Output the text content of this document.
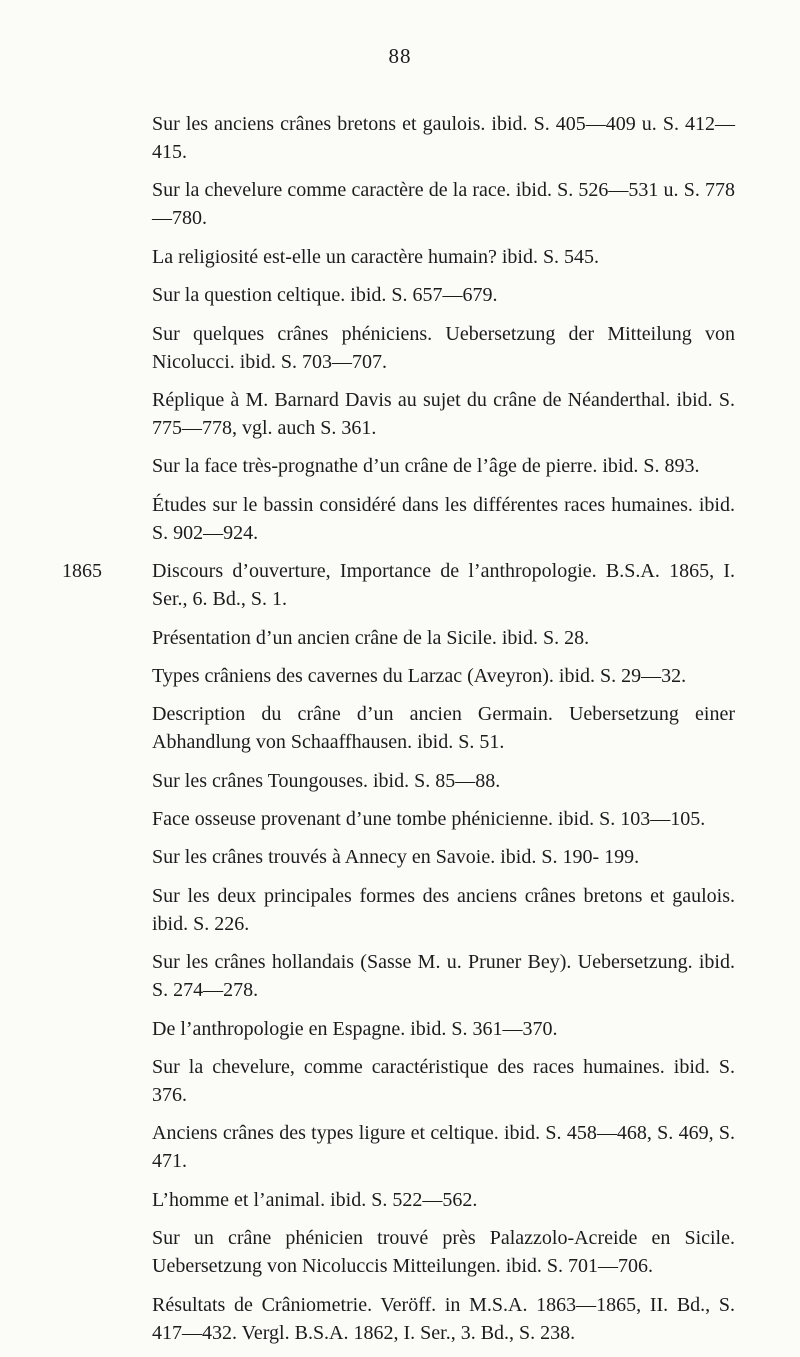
88
Sur les anciens crânes bretons et gaulois. ibid. S. 405—409 u. S. 412—415.
Sur la chevelure comme caractère de la race. ibid. S. 526—531 u. S. 778—780.
La religiosité est-elle un caractère humain? ibid. S. 545.
Sur la question celtique. ibid. S. 657—679.
Sur quelques crânes phéniciens. Uebersetzung der Mitteilung von Nicolucci. ibid. S. 703—707.
Réplique à M. Barnard Davis au sujet du crâne de Néanderthal. ibid. S. 775—778, vgl. auch S. 361.
Sur la face très-prognathe d’un crâne de l’âge de pierre. ibid. S. 893.
Études sur le bassin considéré dans les différentes races humaines. ibid. S. 902—924.
1865	Discours d’ouverture, Importance de l’anthropologie. B.S.A. 1865, I. Ser., 6. Bd., S. 1.
Présentation d’un ancien crâne de la Sicile. ibid. S. 28.
Types crâniens des cavernes du Larzac (Aveyron). ibid. S. 29—32.
Description du crâne d’un ancien Germain. Uebersetzung einer Abhandlung von Schaaffhausen. ibid. S. 51.
Sur les crânes Toungouses. ibid. S. 85—88.
Face osseuse provenant d’une tombe phénicienne. ibid. S. 103—105.
Sur les crânes trouvés à Annecy en Savoie. ibid. S. 190- 199.
Sur les deux principales formes des anciens crânes bretons et gaulois. ibid. S. 226.
Sur les crânes hollandais (Sasse M. u. Pruner Bey). Uebersetzung. ibid. S. 274—278.
De l’anthropologie en Espagne. ibid. S. 361—370.
Sur la chevelure, comme caractéristique des races humaines. ibid. S. 376.
Anciens crânes des types ligure et celtique. ibid. S. 458—468, S. 469, S. 471.
L’homme et l’animal. ibid. S. 522—562.
Sur un crâne phénicien trouvé près Palazzolo-Acreide en Sicile. Uebersetzung von Nicoluccis Mitteilungen. ibid. S. 701—706.
Résultats de Crâniometrie. Veröff. in M.S.A. 1863—1865, II. Bd., S. 417—432. Vergl. B.S.A. 1862, I. Ser., 3. Bd., S. 238.
